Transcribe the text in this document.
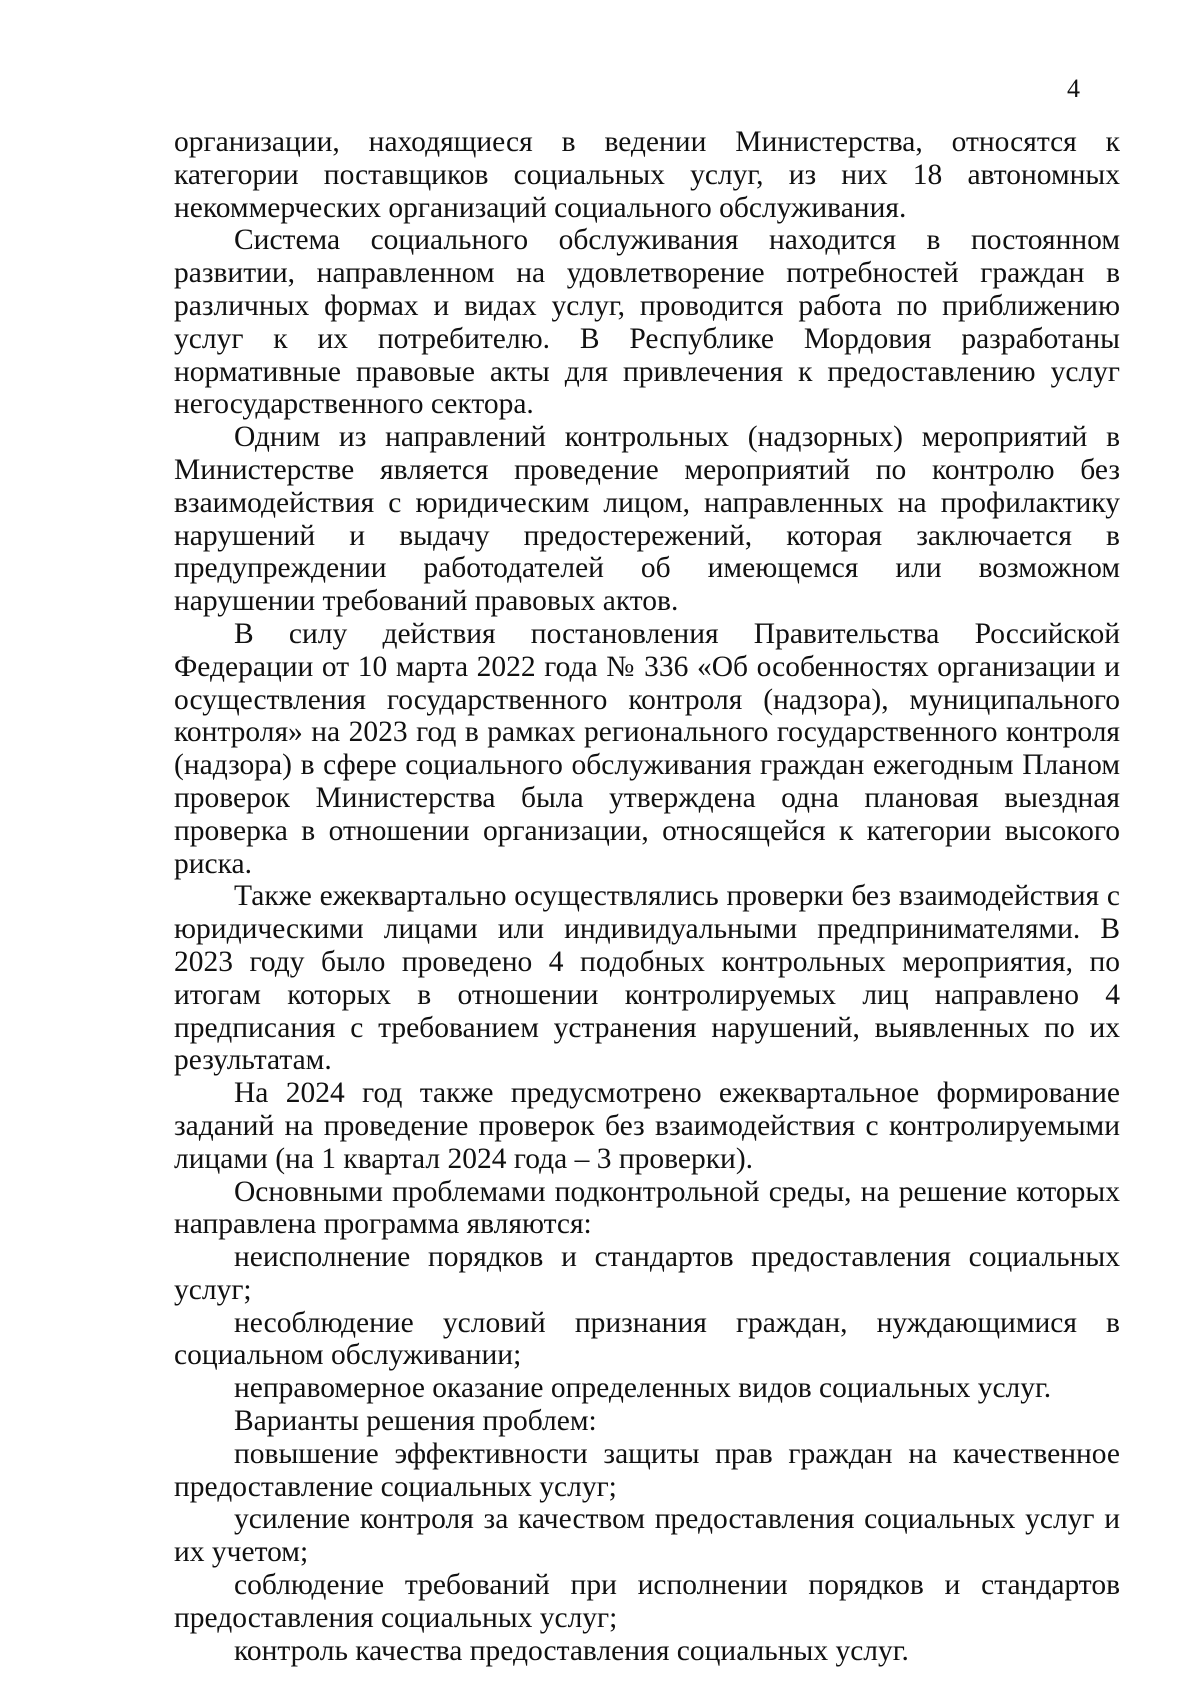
4

организации, находящиеся в ведении Министерства, относятся к категории поставщиков социальных услуг, из них 18 автономных некоммерческих организаций социального обслуживания.

Система социального обслуживания находится в постоянном развитии, направленном на удовлетворение потребностей граждан в различных формах и видах услуг, проводится работа по приближению услуг к их потребителю. В Республике Мордовия разработаны нормативные правовые акты для привлечения к предоставлению услуг негосударственного сектора.

Одним из направлений контрольных (надзорных) мероприятий в Министерстве является проведение мероприятий по контролю без взаимодействия с юридическим лицом, направленных на профилактику нарушений и выдачу предостережений, которая заключается в предупреждении работодателей об имеющемся или возможном нарушении требований правовых актов.

В силу действия постановления Правительства Российской Федерации от 10 марта 2022 года № 336 «Об особенностях организации и осуществления государственного контроля (надзора), муниципального контроля» на 2023 год в рамках регионального государственного контроля (надзора) в сфере социального обслуживания граждан ежегодным Планом проверок Министерства была утверждена одна плановая выездная проверка в отношении организации, относящейся к категории высокого риска.

Также ежеквартально осуществлялись проверки без взаимодействия с юридическими лицами или индивидуальными предпринимателями. В 2023 году было проведено 4 подобных контрольных мероприятия, по итогам которых в отношении контролируемых лиц направлено 4 предписания с требованием устранения нарушений, выявленных по их результатам.

На 2024 год также предусмотрено ежеквартальное формирование заданий на проведение проверок без взаимодействия с контролируемыми лицами (на 1 квартал 2024 года – 3 проверки).

Основными проблемами подконтрольной среды, на решение которых направлена программа являются:

неисполнение порядков и стандартов предоставления социальных услуг;

несоблюдение условий признания граждан, нуждающимися в социальном обслуживании;

неправомерное оказание определенных видов социальных услуг.

Варианты решения проблем:

повышение эффективности защиты прав граждан на качественное предоставление социальных услуг;

усиление контроля за качеством предоставления социальных услуг и их учетом;

соблюдение требований при исполнении порядков и стандартов предоставления социальных услуг;

контроль качества предоставления социальных услуг.
